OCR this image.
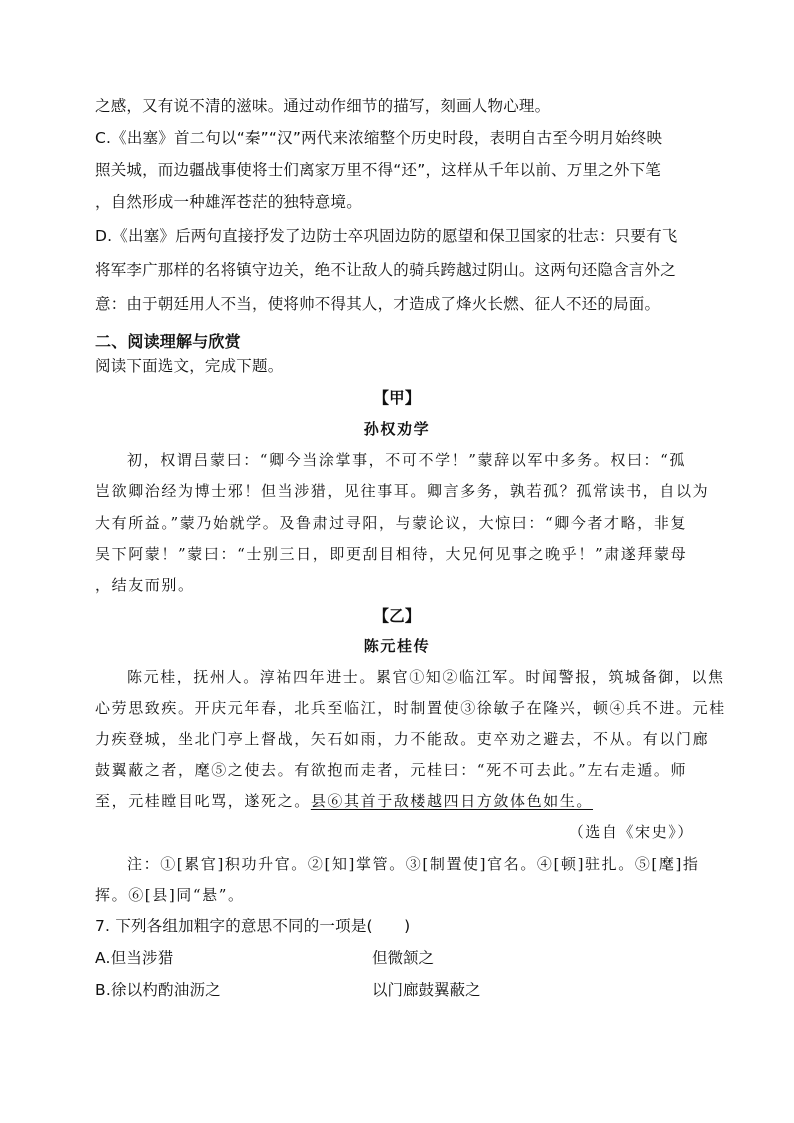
之感，又有说不清的滋味。通过动作细节的描写，刻画人物心理。
C.《出塞》首二句以“秦”“汉”两代来浓缩整个历史时段，表明自古至今明月始终映
照关城，而边疆战事使将士们离家万里不得“还”，这样从千年以前、万里之外下笔
，自然形成一种雄浑苍茫的独特意境。
D.《出塞》后两句直接抒发了边防士卒巩固边防的愿望和保卫国家的壮志：只要有飞
将军李广那样的名将镇守边关，绝不让敌人的骑兵跨越过阴山。这两句还隐含言外之
意：由于朝廷用人不当，使将帅不得其人，才造成了烽火长燃、征人不还的局面。
二、阅读理解与欣赏
阅读下面选文，完成下题。
【甲】
孙权劝学
初，权谓吕蒙曰：“卿今当涂掌事，不可不学！”蒙辞以军中多务。权曰：“孤
岂欲卿治经为博士邪！但当涉猎，见往事耳。卿言多务，孰若孤？孤常读书，自以为
大有所益。”蒙乃始就学。及鲁肃过寻阳，与蒙论议，大惊曰：“卿今者才略，非复
吴下阿蒙！”蒙曰：“士别三日，即更刮目相待，大兄何见事之晚乎！”肃遂拜蒙母
，结友而别。
【乙】
陈元桂传
陈元桂，抚州人。淳祐四年进士。累官①知②临江军。时闻警报，筑城备御，以焦
心劳思致疾。开庆元年春，北兵至临江，时制置使③徐敏子在隆兴，顿④兵不进。元桂
力疾登城，坐北门亭上督战，矢石如雨，力不能敌。吏卒劝之避去，不从。有以门廊
鼓翼蔽之者，麾⑤之使去。有欲抱而走者，元桂曰：“死不可去此。”左右走遁。师
至，元桂瞠目叱骂，遂死之。县⑥其首于敌楼越四日方敛体色如生。
（选自《宋史》）
注：①[累官]积功升官。②[知]掌管。③[制置使]官名。④[顿]驻扎。⑤[麾]指
挥。⑥[县]同“悬”。
7. 下列各组加粗字的意思不同的一项是(　　)
A.但当涉猎	但微颔之
B.徐以杓酌油沥之	以门廊鼓翼蔽之
